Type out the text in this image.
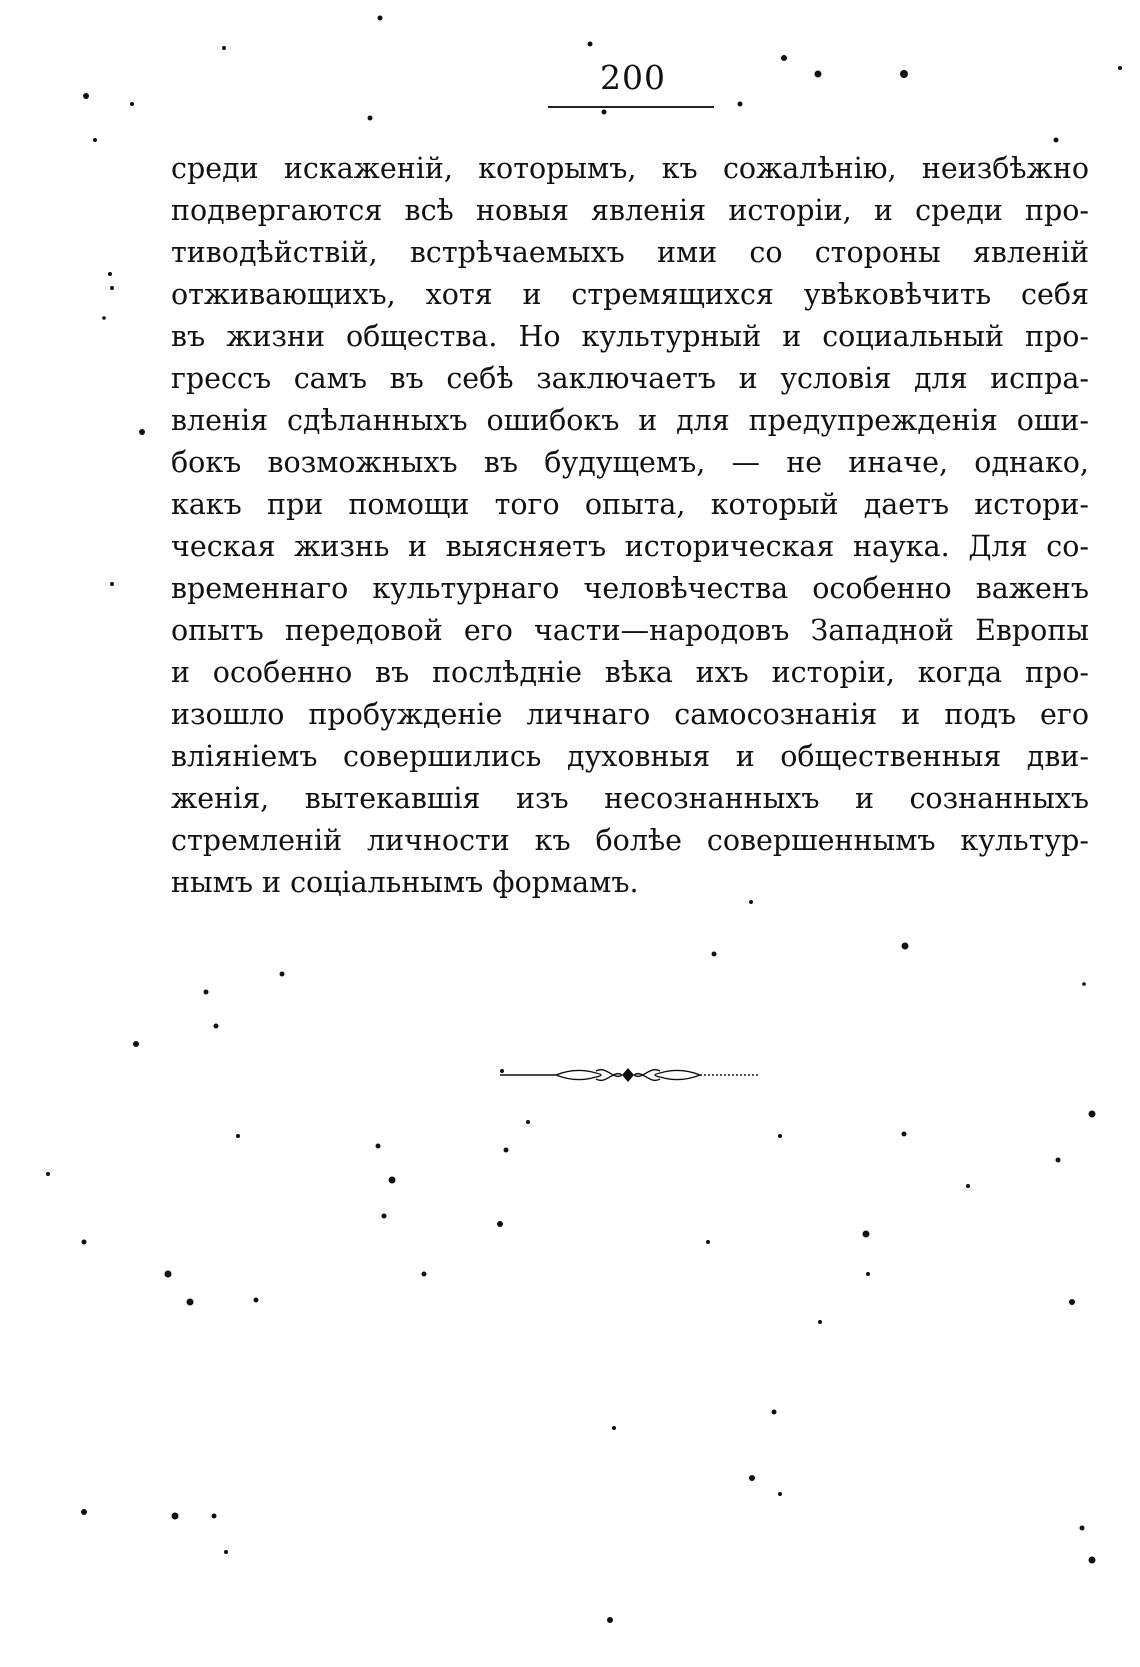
200
среди искаженій, которымъ, къ сожалѣнію, неизбѣжно
подвергаются всѣ новыя явленія исторіи, и среди про-
тиводѣйствій, встрѣчаемыхъ ими со стороны явленій
отживающихъ, хотя и стремящихся увѣковѣчить себя
въ жизни общества. Но культурный и социальный про-
грессъ самъ въ себѣ заключаетъ и условія для испра-
вленія сдѣланныхъ ошибокъ и для предупрежденія оши-
бокъ возможныхъ въ будущемъ, — не иначе, однако,
какъ при помощи того опыта, который даетъ истори-
ческая жизнь и выясняетъ историческая наука. Для со-
временнаго культурнаго человѣчества особенно важенъ
опытъ передовой его части—народовъ Западной Европы
и особенно въ послѣдніе вѣка ихъ исторіи, когда про-
изошло пробужденіе личнаго самосознанія и подъ его
вліяніемъ совершились духовныя и общественныя дви-
женія, вытекавшія изъ несознанныхъ и сознанныхъ
стремленій личности къ болѣе совершеннымъ культур-
нымъ и соціальнымъ формамъ.
